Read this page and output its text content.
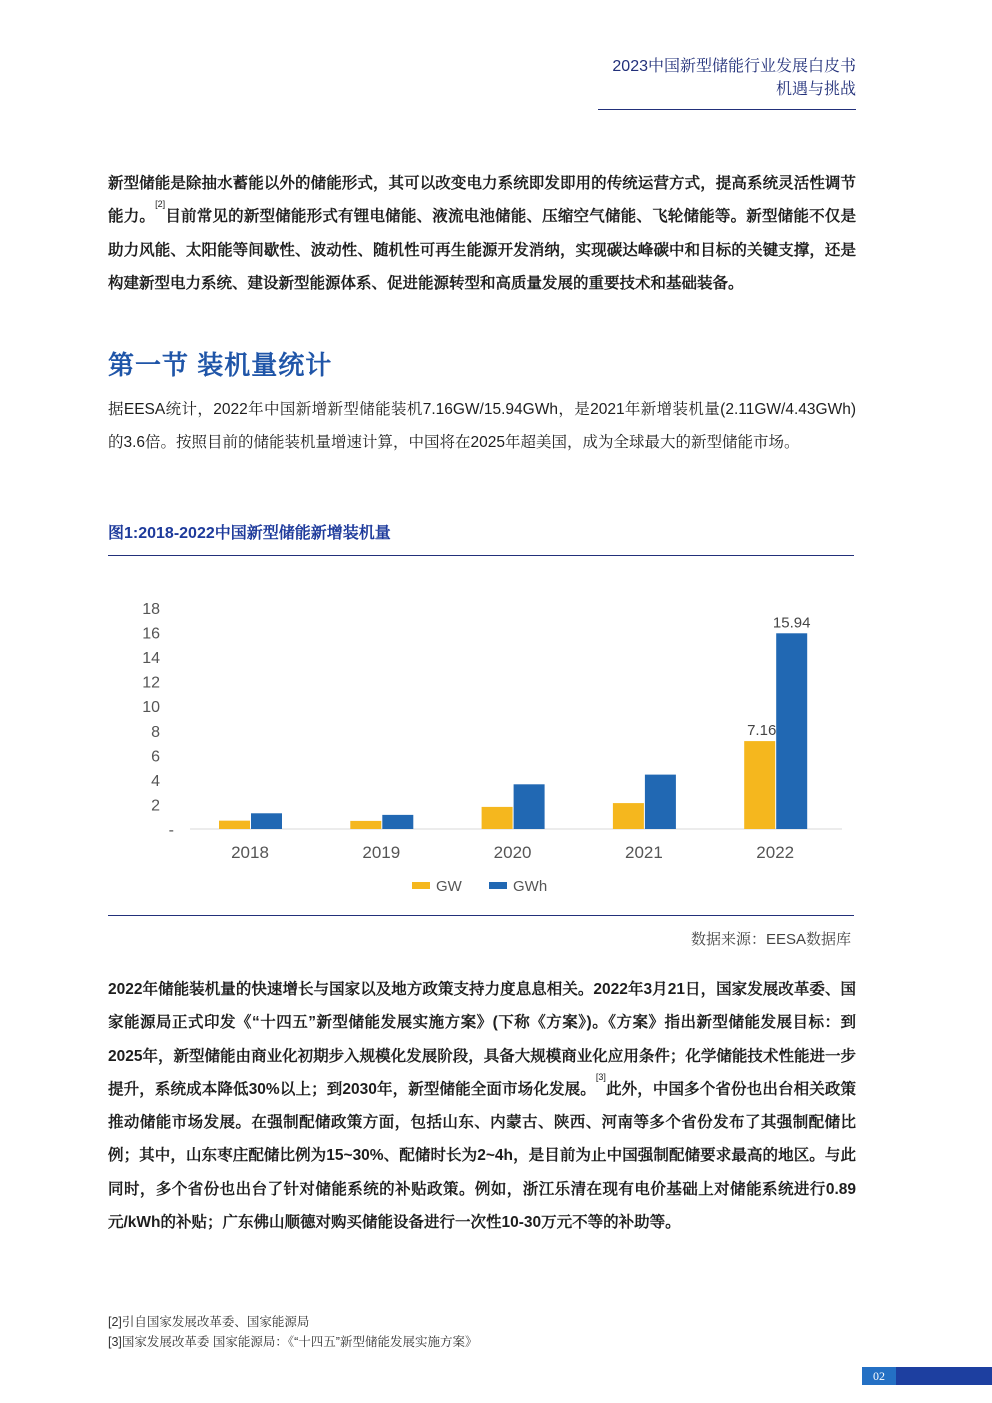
2023中国新型储能行业发展白皮书
机遇与挑战
新型储能是除抽水蓄能以外的储能形式，其可以改变电力系统即发即用的传统运营方式，提高系统灵活性调节能力。[2]目前常见的新型储能形式有锂电储能、液流电池储能、压缩空气储能、飞轮储能等。新型储能不仅是助力风能、太阳能等间歇性、波动性、随机性可再生能源开发消纳，实现碳达峰碳中和目标的关键支撑，还是构建新型电力系统、建设新型能源体系、促进能源转型和高质量发展的重要技术和基础装备。
第一节 装机量统计
据EESA统计，2022年中国新增新型储能装机7.16GW/15.94GWh，是2021年新增装机量(2.11GW/4.43GWh)的3.6倍。按照目前的储能装机量增速计算，中国将在2025年超美国，成为全球最大的新型储能市场。
图1:2018-2022中国新型储能新增装机量
-
2
4
6
8
10
12
14
16
18
7.16
15.94
2018	2019	2020	2021	2022
GW	GWh
数据来源：EESA数据库
2022年储能装机量的快速增长与国家以及地方政策支持力度息息相关。2022年3月21日，国家发展改革委、国家能源局正式印发《“十四五”新型储能发展实施方案》(下称《方案》)。《方案》指出新型储能发展目标：到2025年，新型储能由商业化初期步入规模化发展阶段，具备大规模商业化应用条件；化学储能技术性能进一步提升，系统成本降低30%以上；到2030年，新型储能全面市场化发展。[3]此外，中国多个省份也出台相关政策推动储能市场发展。在强制配储政策方面，包括山东、内蒙古、陕西、河南等多个省份发布了其强制配储比例；其中，山东枣庄配储比例为15~30%、配储时长为2~4h，是目前为止中国强制配储要求最高的地区。与此同时，多个省份也出台了针对储能系统的补贴政策。例如，浙江乐清在现有电价基础上对储能系统进行0.89元/kWh的补贴；广东佛山顺德对购买储能设备进行一次性10-30万元不等的补助等。
[2]引自国家发展改革委、国家能源局
[3]国家发展改革委 国家能源局：《“十四五”新型储能发展实施方案》
02
